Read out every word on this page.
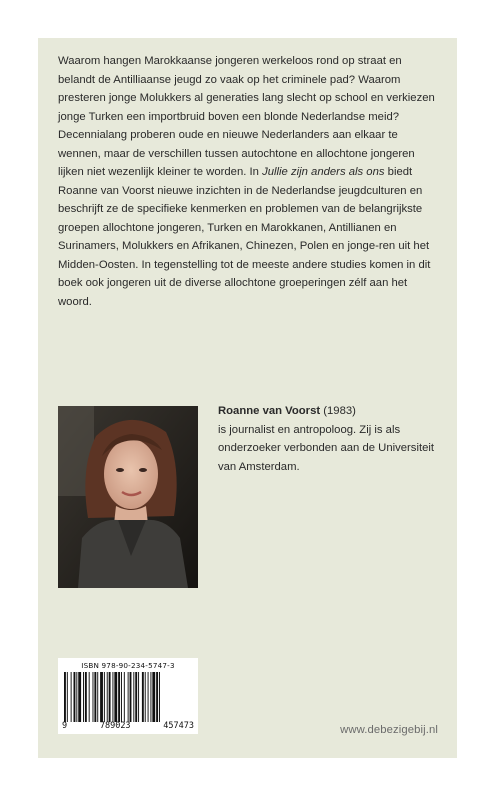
Waarom hangen Marokkaanse jongeren werkeloos rond op straat en belandt de Antilliaanse jeugd zo vaak op het criminele pad? Waarom presteren jonge Molukkers al generaties lang slecht op school en verkiezen jonge Turken een importbruid boven een blonde Nederlandse meid? Decennialang proberen oude en nieuwe Nederlanders aan elkaar te wennen, maar de verschillen tussen autochtone en allochtone jongeren lijken niet wezenlijk kleiner te worden. In Jullie zijn anders als ons biedt Roanne van Voorst nieuwe inzichten in de Nederlandse jeugdculturen en beschrijft ze de specifieke kenmerken en problemen van de belangrijkste groepen allochtone jongeren, Turken en Marokkanen, Antillianen en Surinamers, Molukkers en Afrikanen, Chinezen, Polen en jonge-ren uit het Midden-Oosten. In tegenstelling tot de meeste andere studies komen in dit boek ook jongeren uit de diverse allochtone groeperingen zélf aan het woord.

Roanne van Voorst (1983)
is journalist en antropoloog. Zij is als onderzoeker verbonden aan de Universiteit van Amsterdam.
ISBN 978-90-234-5747-3
9	789023	457473	www.debezigebij.nl
